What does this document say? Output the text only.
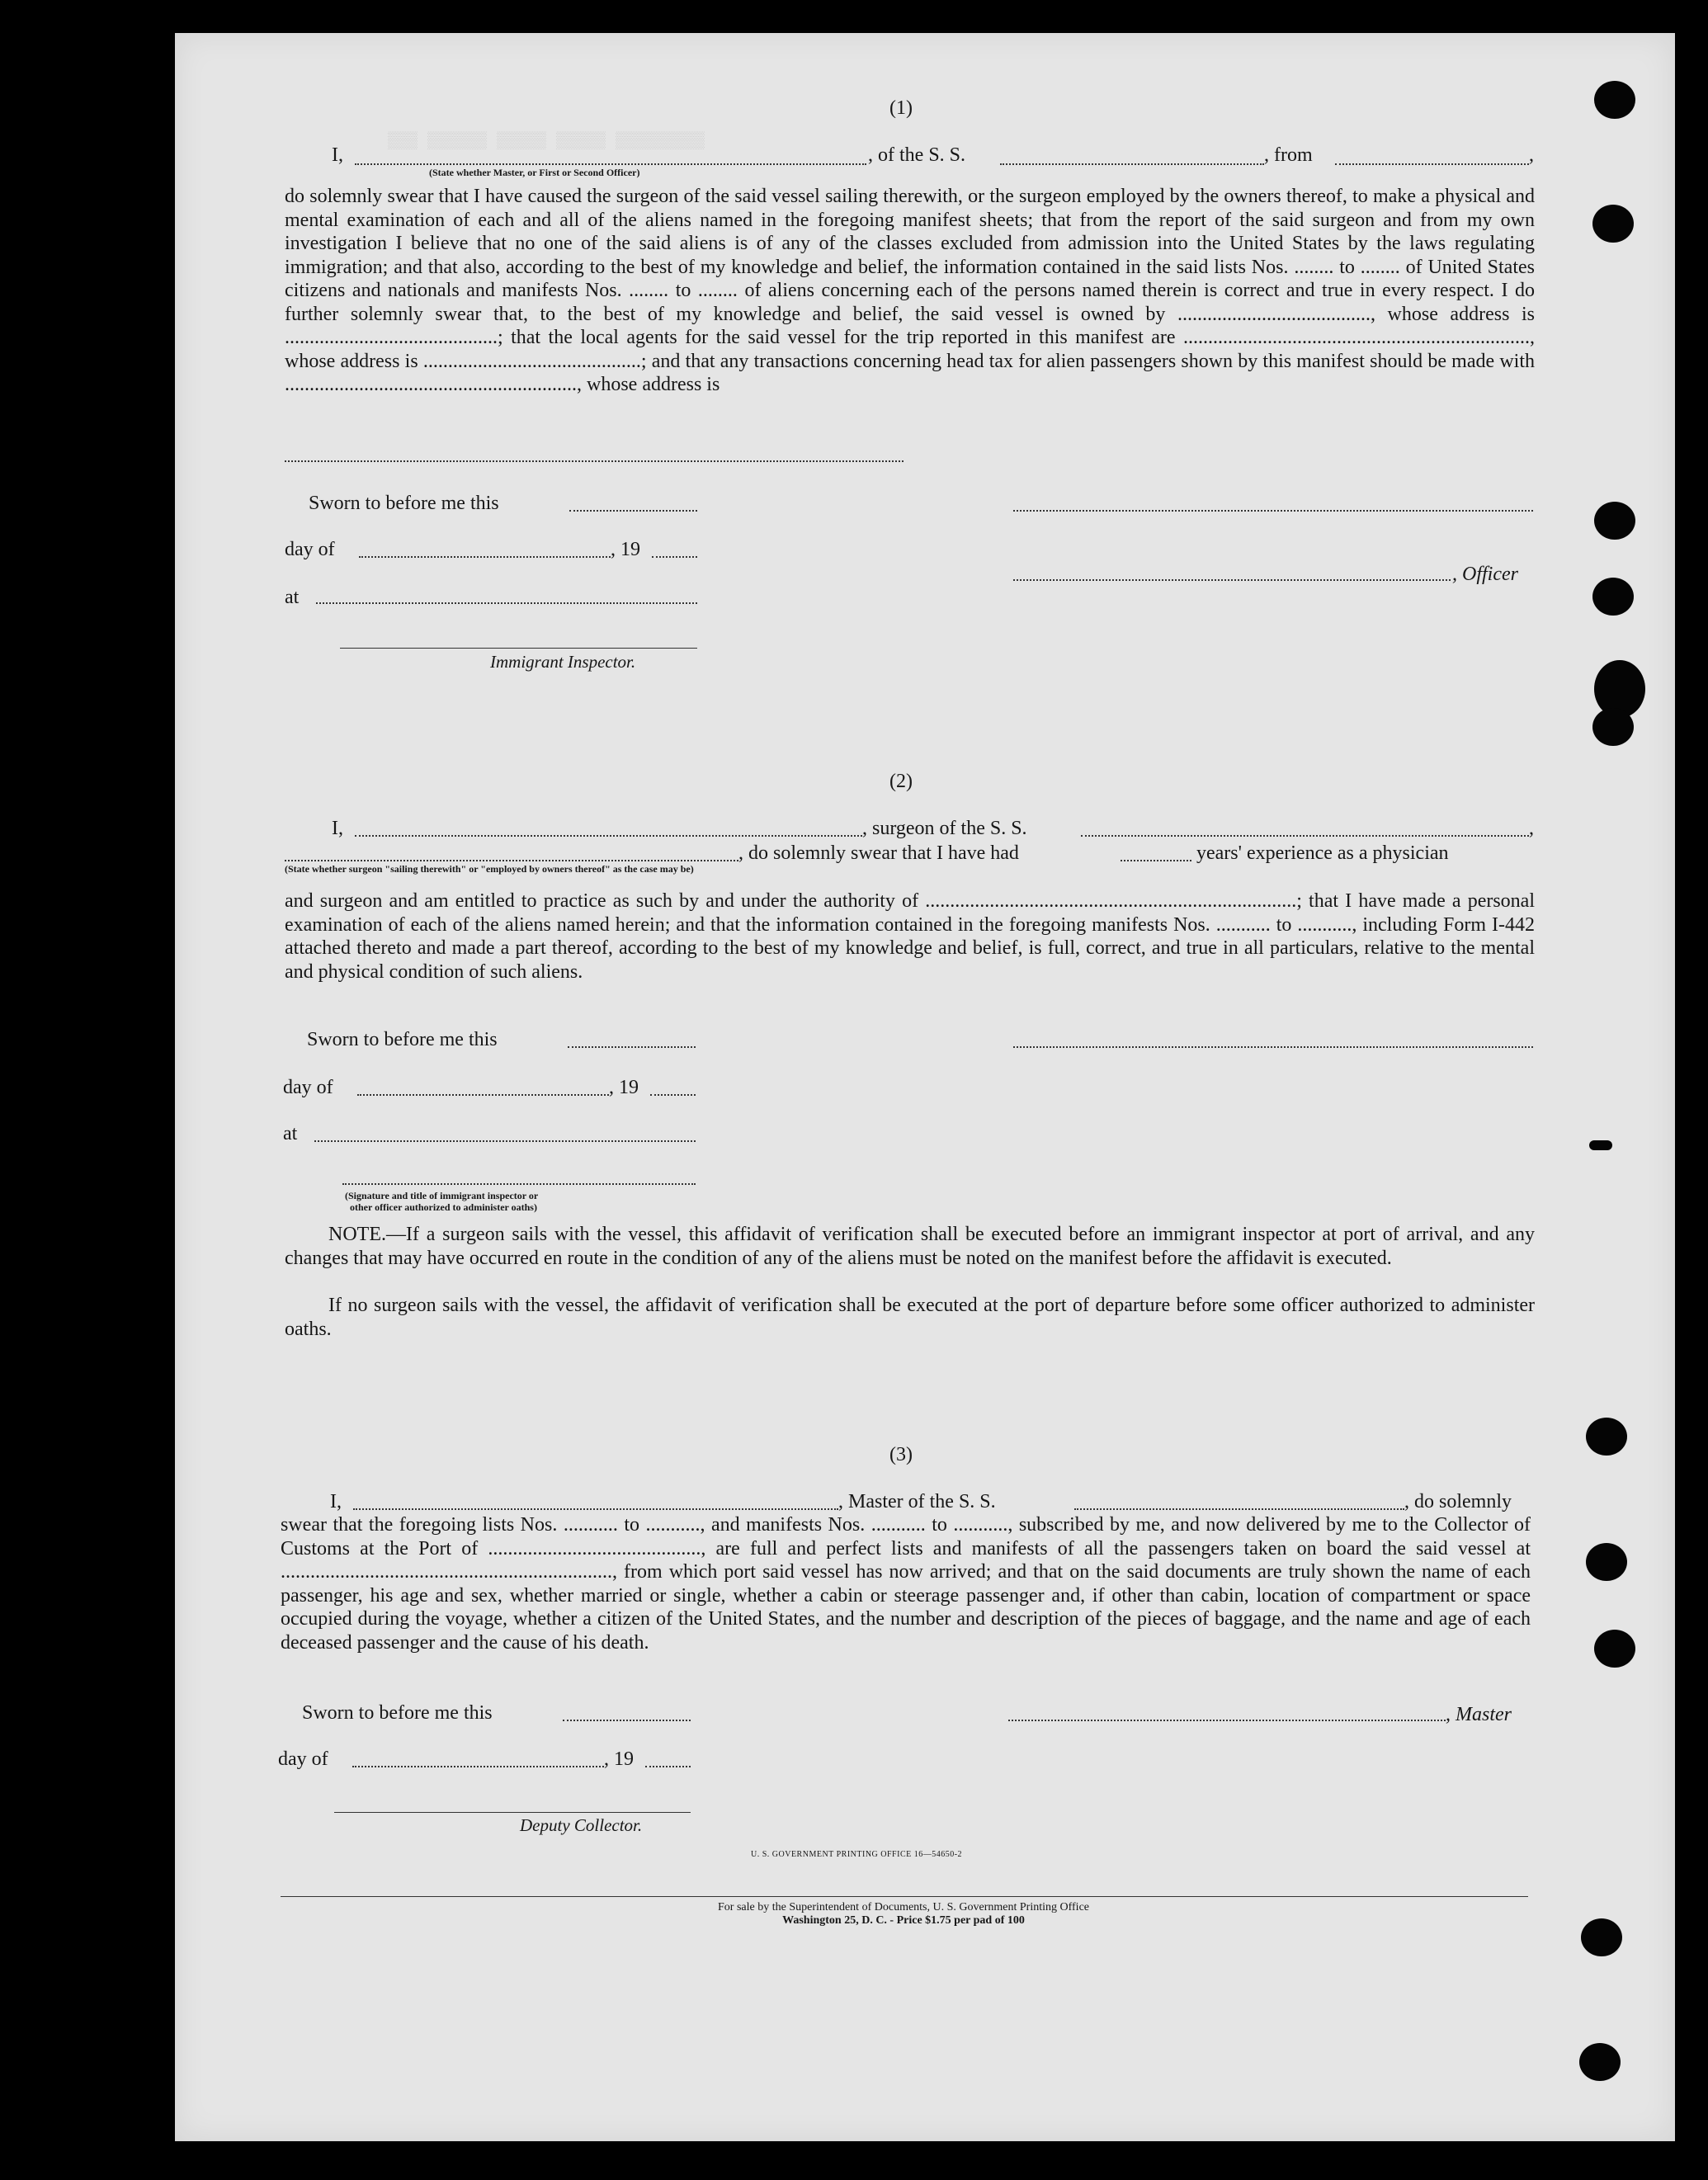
▒▒▒ ▒▒▒▒▒▒ ▒▒▒▒▒ ▒▒▒▒▒ ▒▒▒▒▒▒▒▒▒
(1)
I,	, of the S. S.	, from	,
(State whether Master, or First or Second Officer)
do solemnly swear that I have caused the surgeon of the said vessel sailing therewith, or the surgeon employed by the owners thereof, to make a physical and mental examination of each and all of the aliens named in the foregoing manifest sheets; that from the report of the said surgeon and from my own investigation I believe that no one of the said aliens is of any of the classes excluded from admission into the United States by the laws regulating immigration; and that also, according to the best of my knowledge and belief, the information contained in the said lists Nos. ........ to ........ of United States citizens and nationals and manifests Nos. ........ to ........ of aliens concerning each of the persons named therein is correct and true in every respect. I do further solemnly swear that, to the best of my knowledge and belief, the said vessel is owned by ......................................., whose address is ...........................................; that the local agents for the said vessel for the trip reported in this manifest are ......................................................................, whose address is ............................................; and that any transactions concerning head tax for alien passengers shown by this manifest should be made with ..........................................................., whose address is
Sworn to before me this
day of	, 19
, Officer
at
Immigrant Inspector.
(2)
I,	, surgeon of the S. S.	,
, do solemnly swear that I have had	years' experience as a physician
(State whether surgeon "sailing therewith" or "employed by owners thereof" as the case may be)
and surgeon and am entitled to practice as such by and under the authority of ...........................................................................; that I have made a personal examination of each of the aliens named herein; and that the information contained in the foregoing manifests Nos. ........... to ..........., including Form I-442 attached thereto and made a part thereof, according to the best of my knowledge and belief, is full, correct, and true in all particulars, relative to the mental and physical condition of such aliens.
Sworn to before me this
day of	, 19
at
(Signature and title of immigrant inspector or
other officer authorized to administer oaths)
NOTE.—If a surgeon sails with the vessel, this affidavit of verification shall be executed before an immigrant inspector at port of arrival, and any changes that may have occurred en route in the condition of any of the aliens must be noted on the manifest before the affidavit is executed.
If no surgeon sails with the vessel, the affidavit of verification shall be executed at the port of departure before some officer authorized to administer oaths.
(3)
I,	, Master of the S. S.	, do solemnly
swear that the foregoing lists Nos. ........... to ..........., and manifests Nos. ........... to ..........., subscribed by me, and now delivered by me to the Collector of Customs at the Port of ..........................................., are full and perfect lists and manifests of all the passengers taken on board the said vessel at ..................................................................., from which port said vessel has now arrived; and that on the said documents are truly shown the name of each passenger, his age and sex, whether married or single, whether a cabin or steerage passenger and, if other than cabin, location of compartment or space occupied during the voyage, whether a citizen of the United States, and the number and description of the pieces of baggage, and the name and age of each deceased passenger and the cause of his death.
Sworn to before me this	, Master
day of	, 19
Deputy Collector.
U. S. GOVERNMENT PRINTING OFFICE 16—54650-2
For sale by the Superintendent of Documents, U. S. Government Printing Office
Washington 25, D. C. - Price $1.75 per pad of 100
